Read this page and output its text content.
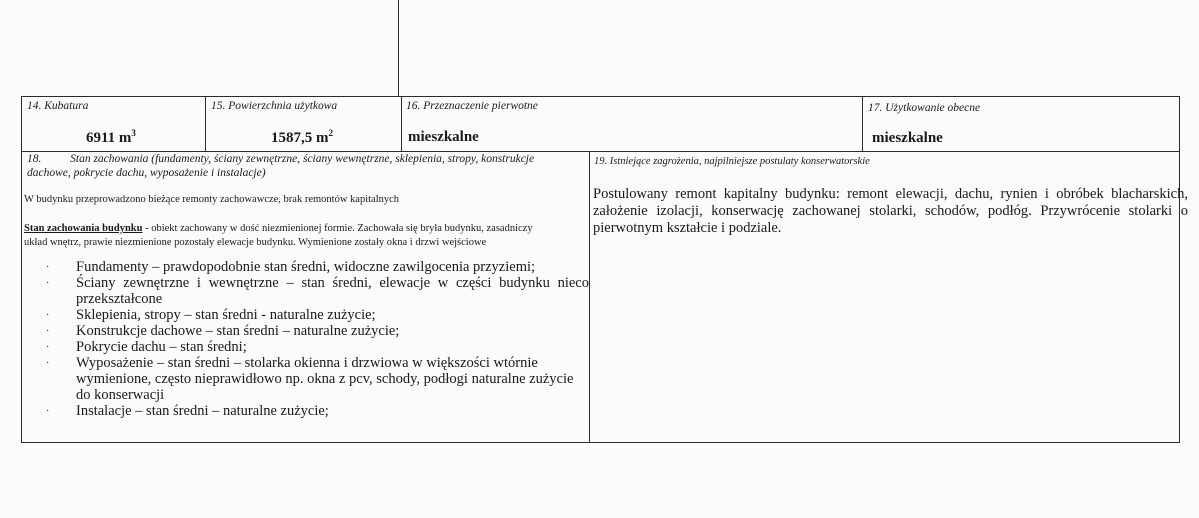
14. Kubatura
6911 $m^3$
15. Powierzchnia użytkowa
1587,5 $m^2$
16. Przeznaczenie pierwotne
mieszkalne
17. Użytkowanie obecne
mieszkalne
18.          Stan zachowania (fundamenty, ściany zewnętrzne, ściany wewnętrzne, sklepienia, stropy, konstrukcje
dachowe, pokrycie dachu, wyposażenie i instalacje)
W budynku przeprowadzono bieżące remonty zachowawcze, brak remontów kapitalnych
Stan zachowania budynku - obiekt zachowany w dość niezmienionej formie. Zachowała się bryła budynku, zasadniczy
układ wnętrz, prawie niezmienione pozostały elewacje budynku. Wymienione zostały okna i drzwi wejściowe
· Fundamenty – prawdopodobnie stan średni, widoczne zawilgocenia przyziemi;
· Ściany zewnętrzne i wewnętrzne – stan średni, elewacje w części budynku nieco przekształcone
· Sklepienia, stropy – stan średni - naturalne zużycie;
· Konstrukcje dachowe – stan średni – naturalne zużycie;
· Pokrycie dachu – stan średni;
· Wyposażenie – stan średni – stolarka okienna i drzwiowa w większości wtórnie wymienione, często nieprawidłowo np. okna z pcv, schody, podłogi naturalne zużycie do konserwacji
· Instalacje – stan średni – naturalne zużycie;
19. Istniejące zagrożenia, najpilniejsze postulaty konserwatorskie
Postulowany remont kapitalny budynku: remont elewacji, dachu, rynien i obróbek blacharskich, założenie izolacji, konserwację zachowanej stolarki, schodów, podłóg. Przywrócenie stolarki o pierwotnym kształcie i podziale.
